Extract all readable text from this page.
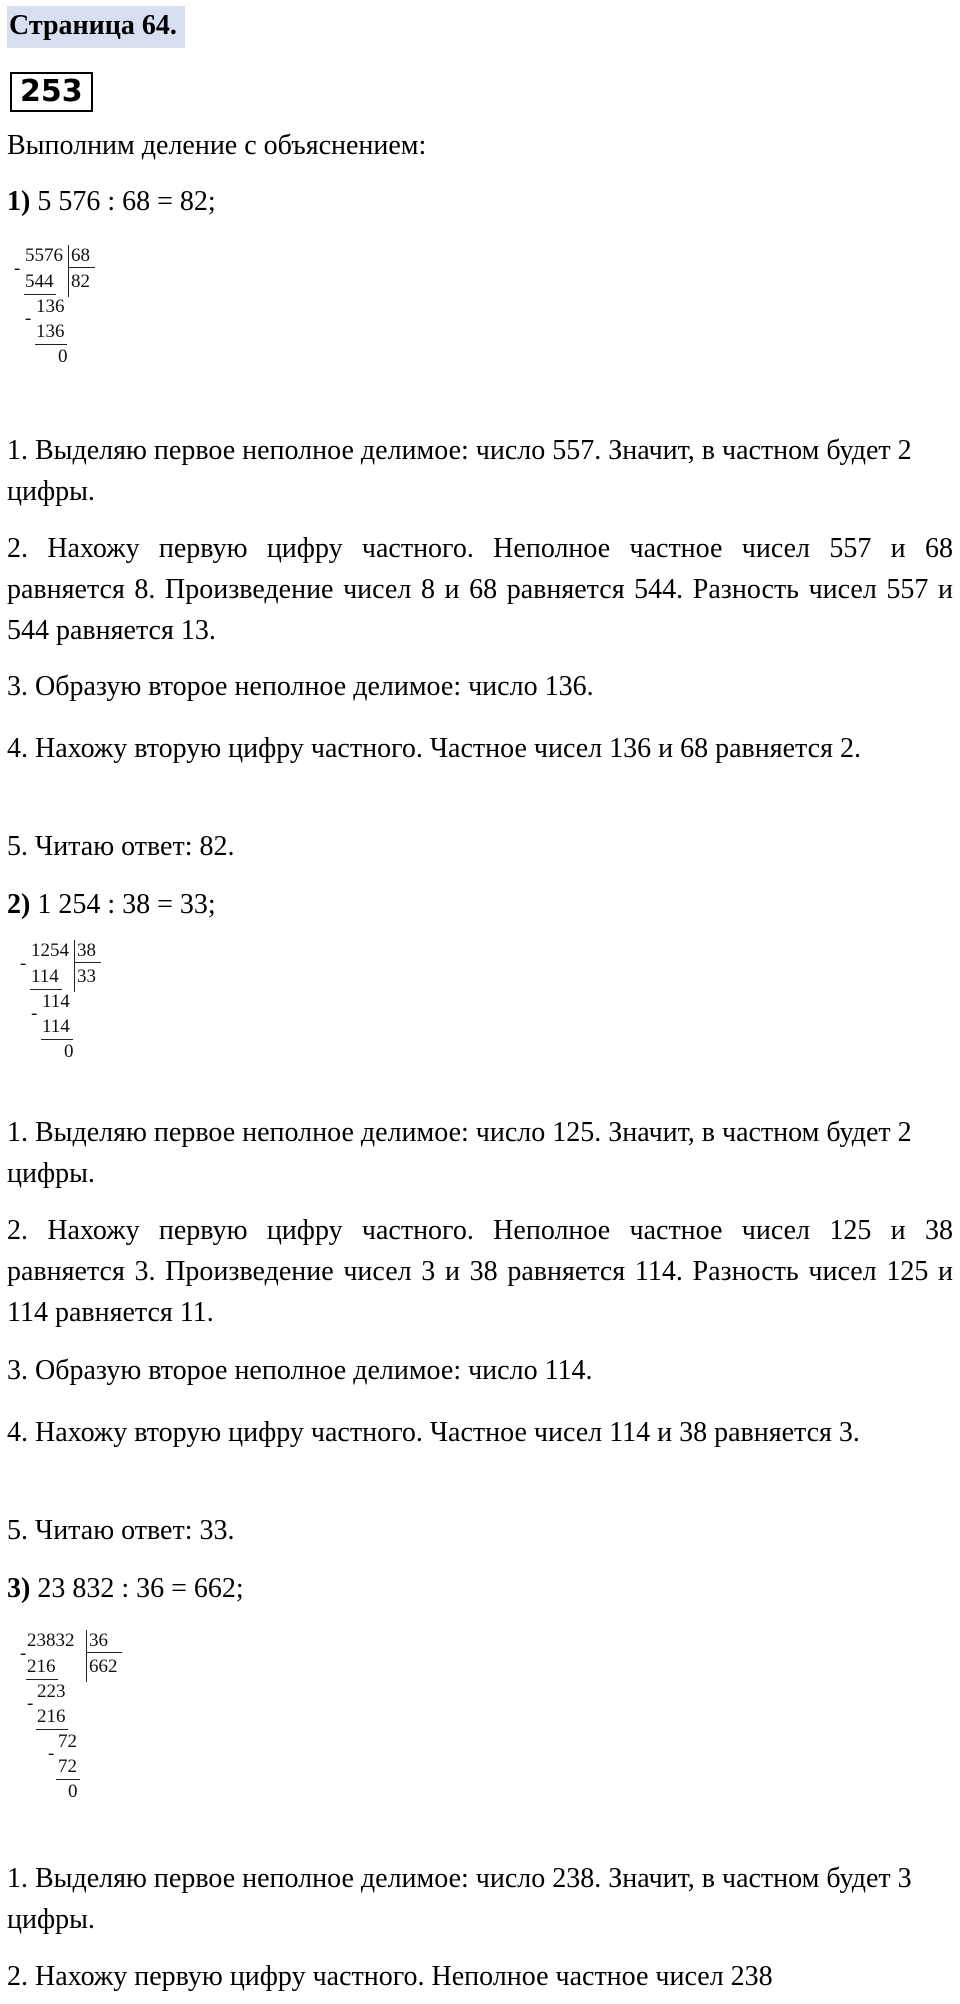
Страница 64.
253
Выполним деление с объяснением:
1) 5 576 : 68 = 82;
5576 68
-
544 82
136
-
136
0
1. Выделяю первое неполное делимое: число 557. Значит, в частном будет 2 цифры.
2. Нахожу первую цифру частного. Неполное частное чисел 557 и 68 равняется 8. Произведение чисел 8 и 68 равняется 544. Разность чисел 557 и 544 равняется 13.
3. Образую второе неполное делимое: число 136.
4. Нахожу вторую цифру частного. Частное чисел 136 и 68 равняется 2.
5. Читаю ответ: 82.
2) 1 254 : 38 = 33;
1254 38
-
114 33
114
-
114
0
1. Выделяю первое неполное делимое: число 125. Значит, в частном будет 2 цифры.
2. Нахожу первую цифру частного. Неполное частное чисел 125 и 38 равняется 3. Произведение чисел 3 и 38 равняется 114. Разность чисел 125 и 114 равняется 11.
3. Образую второе неполное делимое: число 114.
4. Нахожу вторую цифру частного. Частное чисел 114 и 38 равняется 3.
5. Читаю ответ: 33.
3) 23 832 : 36 = 662;
23832 36
-
216 662
223
-
216
72
-
72
0
1. Выделяю первое неполное делимое: число 238. Значит, в частном будет 3 цифры.
2. Нахожу первую цифру частного. Неполное частное чисел 238
